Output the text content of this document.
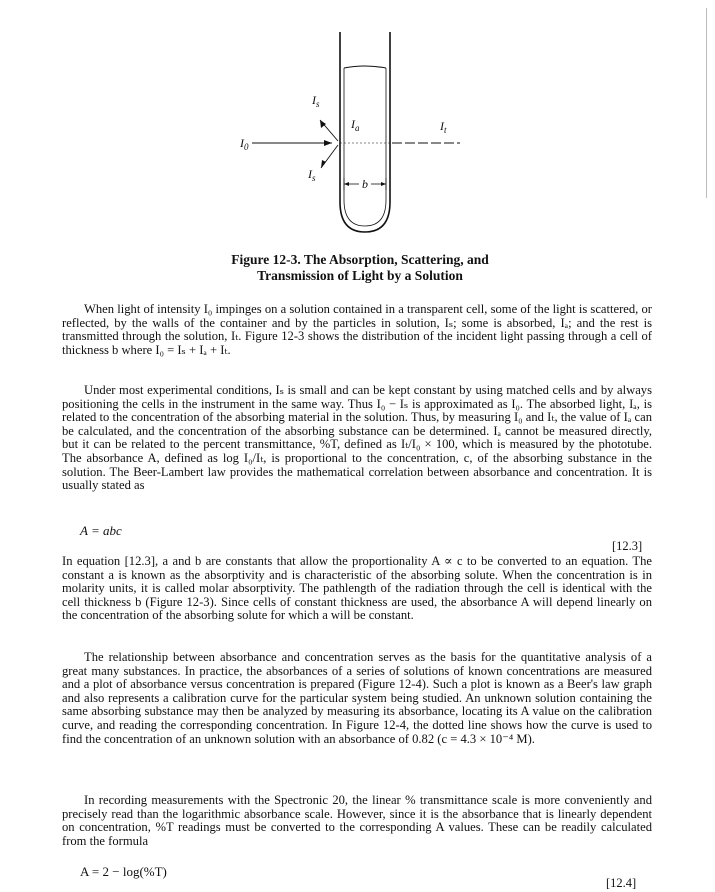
$I_0$
$I_s$
$I_s$
$I_a$	$I_t$
b
Figure 12-3. The Absorption, Scattering, and
Transmission of Light by a Solution
When light of intensity I₀ impinges on a solution contained in a transparent cell, some of the light is scattered, or reflected, by the walls of the container and by the particles in solution, Iₛ; some is absorbed, Iₐ; and the rest is transmitted through the solution, Iₜ. Figure 12-3 shows the distribution of the incident light passing through a cell of thickness b where I₀ = Iₛ + Iₐ + Iₜ.
Under most experimental conditions, Iₛ is small and can be kept constant by using matched cells and by always positioning the cells in the instrument in the same way. Thus I₀ − Iₛ is approximated as I₀. The absorbed light, Iₐ, is related to the concentration of the absorbing material in the solution. Thus, by measuring I₀ and Iₜ, the value of Iₐ can be calculated, and the concentration of the absorbing substance can be determined. Iₐ cannot be measured directly, but it can be related to the percent transmittance, %T, defined as Iₜ/I₀ × 100, which is measured by the phototube. The absorbance A, defined as log I₀/Iₜ, is proportional to the concentration, c, of the absorbing substance in the solution. The Beer-Lambert law provides the mathematical correlation between absorbance and concentration. It is usually stated as
A = abc
[12.3]
In equation [12.3], a and b are constants that allow the proportionality A ∝ c to be converted to an equation. The constant a is known as the absorptivity and is characteristic of the absorbing solute. When the concentration is in molarity units, it is called molar absorptivity. The pathlength of the radiation through the cell is identical with the cell thickness b (Figure 12-3). Since cells of constant thickness are used, the absorbance A will depend linearly on the concentration of the absorbing solute for which a will be constant.
The relationship between absorbance and concentration serves as the basis for the quantitative analysis of a great many substances. In practice, the absorbances of a series of solutions of known concentrations are measured and a plot of absorbance versus concentration is prepared (Figure 12-4). Such a plot is known as a Beer's law graph and also represents a calibration curve for the particular system being studied. An unknown solution containing the same absorbing substance may then be analyzed by measuring its absorbance, locating its A value on the calibration curve, and reading the corresponding concentration. In Figure 12-4, the dotted line shows how the curve is used to find the concentration of an unknown solution with an absorbance of 0.82 (c = 4.3 × 10⁻⁴ M).
In recording measurements with the Spectronic 20, the linear % transmittance scale is more conveniently and precisely read than the logarithmic absorbance scale. However, since it is the absorbance that is linearly dependent on concentration, %T readings must be converted to the corresponding A values. These can be readily calculated from the formula
A = 2 − log(%T)
[12.4]
